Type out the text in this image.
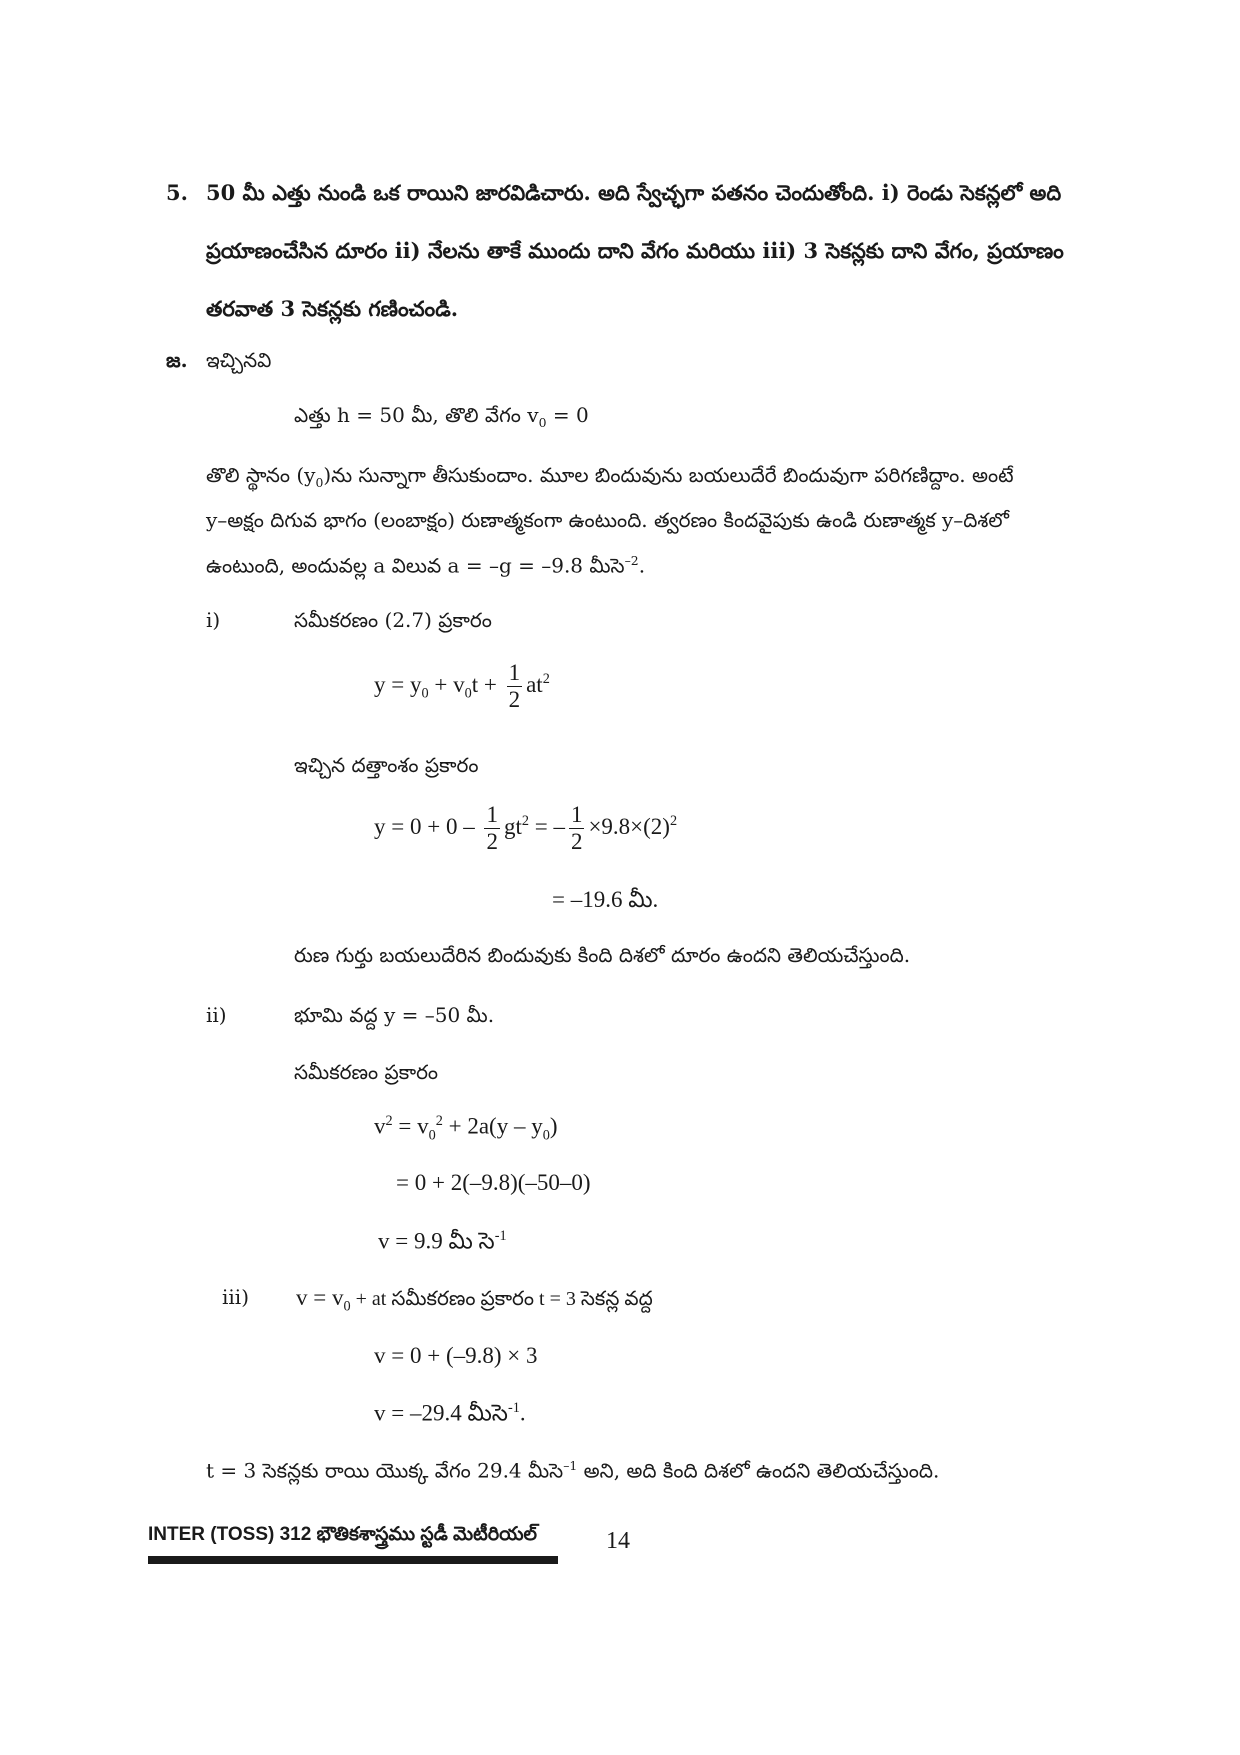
5. 50 మీ ఎత్తు నుండి ఒక రాయిని జారవిడిచారు. అది స్వేచ్ఛగా పతనం చెందుతోంది. i) రెండు సెకన్లలో అది
ప్రయాణంచేసిన దూరం ii) నేలను తాకే ముందు దాని వేగం మరియు iii) 3 సెకన్లకు దాని వేగం, ప్రయాణం
తరవాత 3 సెకన్లకు గణించండి.
జ. ఇచ్చినవి
ఎత్తు h = 50 మీ, తొలి వేగం $v_0 = 0$
తొలి స్థానం $(y_0)ను$ సున్నాగా తీసుకుందాం. మూల బిందువును బయలుదేరే బిందువుగా పరిగణిద్దాం. అంటే
y–అక్షం దిగువ భాగం (లంబాక్షం) రుణాత్మకంగా ఉంటుంది. త్వరణం కిందవైపుకు ఉండి రుణాత్మక y–దిశలో
ఉంటుంది, అందువల్ల a విలువ a = –g = –9.8 మీసె$^{-2}$.
i)	సమీకరణం (2.7) ప్రకారం
$y = y_0 + v_0t + \frac{1}{2} at^2$
ఇచ్చిన దత్తాంశం ప్రకారం
$y = 0 + 0 - \frac{1}{2} gt^2$ = – $\frac{1}{2} \times 9.8\times(2)^2$
= –19.6 మీ.
రుణ గుర్తు బయలుదేరిన బిందువుకు కింది దిశలో దూరం ఉందని తెలియచేస్తుంది.
ii)	భూమి వద్ద y = –50 మీ.
సమీకరణం ప్రకారం
$v^2 = v_0^2 + 2a(y - y_0)$
= 0 + 2(–9.8)(–50–0)
v = 9.9 మీ సె$^{-1}$
iii) $v = v_0$ + at సమీకరణం ప్రకారం t = 3 సెకన్ల వద్ద
v = 0 + (–9.8) × 3
v = –29.4 మీసె$^{-1}$.
t = 3 సెకన్లకు రాయి యొక్క వేగం 29.4 మీసె$^{-1}$ అని, అది కింది దిశలో ఉందని తెలియచేస్తుంది.
INTER (TOSS) 312 భౌతికశాస్త్రము స్టడీ మెటీరియల్	14
